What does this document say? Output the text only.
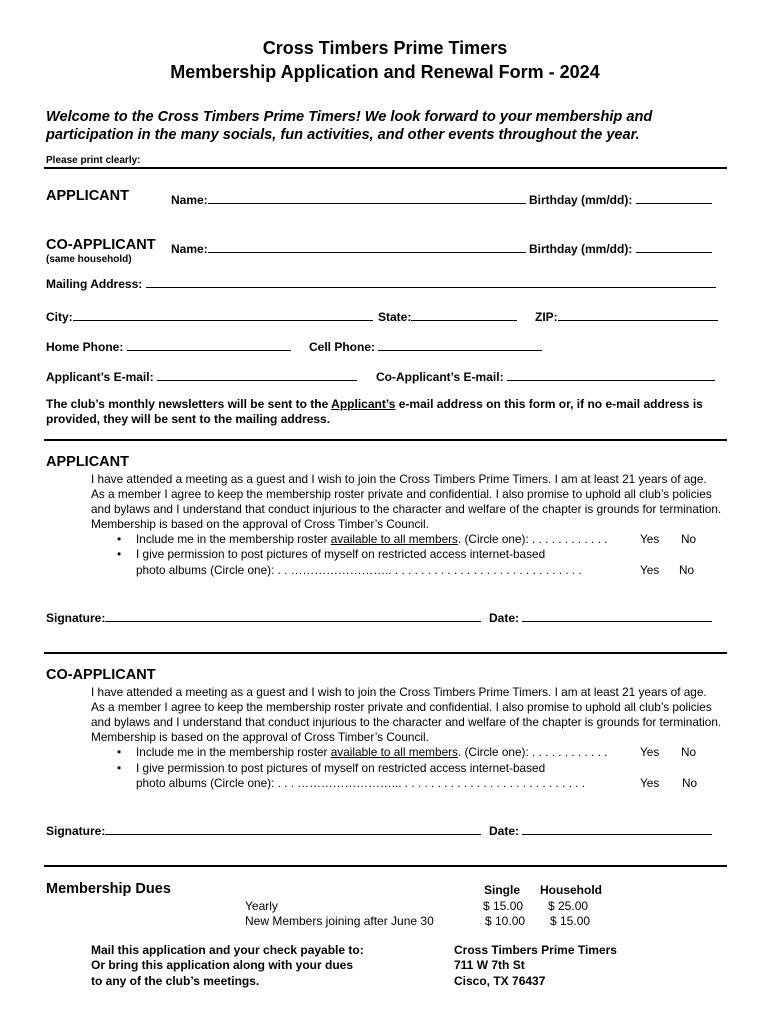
Cross Timbers Prime Timers
Membership Application and Renewal Form - 2024
Welcome to the Cross Timbers Prime Timers! We look forward to your membership and participation in the many socials, fun activities, and other events throughout the year.
Please print clearly:
APPLICANT	Name:	Birthday (mm/dd):
CO-APPLICANT
(same household)
Name:	Birthday (mm/dd):
Mailing Address:
City:	State:	ZIP:
Home Phone:	Cell Phone:
Applicant’s E-mail:	Co-Applicant’s E-mail:
The club’s monthly newsletters will be sent to the Applicant’s e-mail address on this form or, if no e-mail address is provided, they will be sent to the mailing address.
APPLICANT
I have attended a meeting as a guest and I wish to join the Cross Timbers Prime Timers. I am at least 21 years of age. As a member I agree to keep the membership roster private and confidential. I also promise to uphold all club’s policies and bylaws and I understand that conduct injurious to the character and welfare of the chapter is grounds for termination. Membership is based on the approval of Cross Timber’s Council.
• Include me in the membership roster available to all members. (Circle one): . . . . . . . . . . . .	Yes No
• I give permission to post pictures of myself on restricted access internet-based
photo albums (Circle one): . . …………………….. . . . . . . . . . . . . . . . . . . . . . . . . . . . . .	Yes No
Signature:	Date:
CO-APPLICANT
I have attended a meeting as a guest and I wish to join the Cross Timbers Prime Timers. I am at least 21 years of age. As a member I agree to keep the membership roster private and confidential. I also promise to uphold all club’s policies and bylaws and I understand that conduct injurious to the character and welfare of the chapter is grounds for termination. Membership is based on the approval of Cross Timber’s Council.
• Include me in the membership roster available to all members. (Circle one): . . . . . . . . . . . .	Yes No
• I give permission to post pictures of myself on restricted access internet-based
photo albums (Circle one): . . . ……………………... . . . . . . . . . . . . . . . . . . . . . . . . . . . .	Yes No
Signature:	Date:
Membership Dues	Single Household
Yearly	$ 15.00 $ 25.00
New Members joining after June 30	$ 10.00 $ 15.00
Mail this application and your check payable to:
Or bring this application along with your dues
to any of the club’s meetings.
Cross Timbers Prime Timers
711 W 7th St
Cisco, TX 76437
